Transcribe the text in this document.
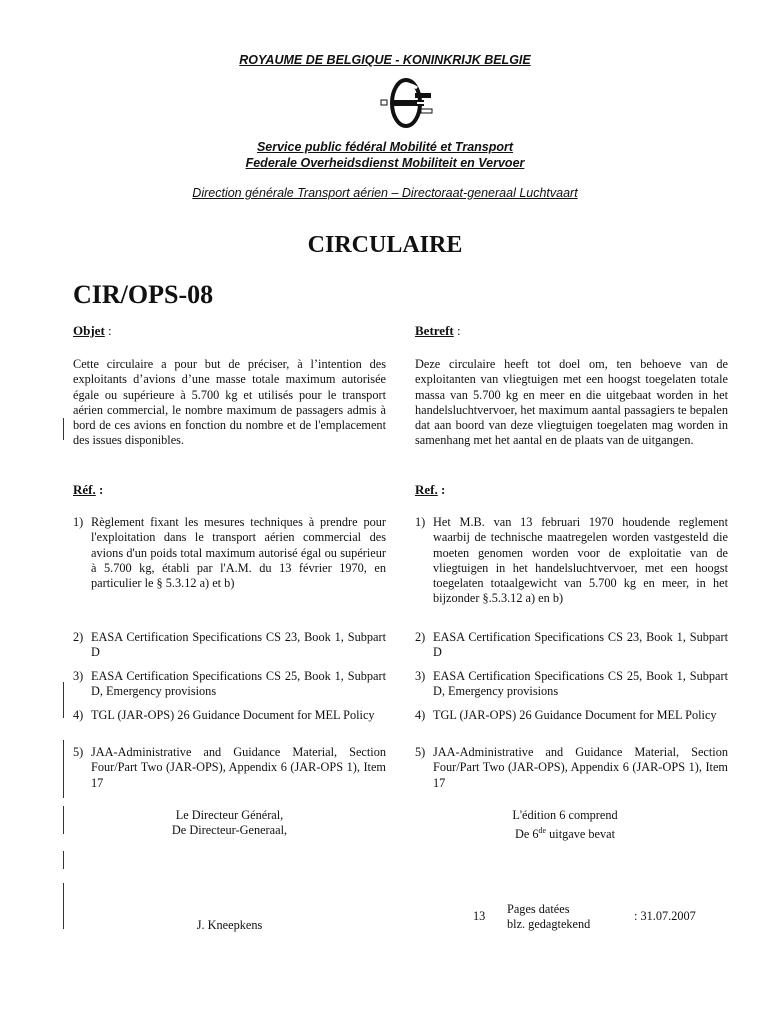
ROYAUME DE BELGIQUE - KONINKRIJK BELGIE
Service public fédéral Mobilité et Transport
Federale Overheidsdienst Mobiliteit en Vervoer
Direction générale Transport aérien – Directoraat-generaal Luchtvaart
CIRCULAIRE
CIR/OPS-08
Objet :	Betreft :
Cette circulaire a pour but de préciser, à l’intention des exploitants d’avions d’une masse totale maximum autorisée égale ou supérieure à 5.700 kg et utilisés pour le transport aérien commercial, le nombre maximum de passagers admis à bord de ces avions en fonction du nombre et de l'emplacement des issues disponibles.
Deze circulaire heeft tot doel om, ten behoeve van de exploitanten van vliegtuigen met een hoogst toegelaten totale massa van 5.700 kg en meer en die uitgebaat worden in het handelsluchtvervoer, het maximum aantal passagiers te bepalen dat aan boord van deze vliegtuigen toegelaten mag worden in samenhang met het aantal en de plaats van de uitgangen.
Réf. :	Ref. :
1) Règlement fixant les mesures techniques à prendre pour l'exploitation dans le transport aérien commercial des avions d'un poids total maximum autorisé égal ou supérieur à 5.700 kg, établi par l'A.M. du 13 février 1970, en particulier le § 5.3.12 a) et b)
2) EASA Certification Specifications CS 23, Book 1, Subpart D
3) EASA Certification Specifications CS 25, Book 1, Subpart D, Emergency provisions
4) TGL (JAR-OPS) 26 Guidance Document for MEL Policy
5) JAA-Administrative and Guidance Material, Section Four/Part Two (JAR-OPS), Appendix 6 (JAR-OPS 1), Item 17
1) Het M.B. van 13 februari 1970 houdende reglement waarbij de technische maatregelen worden vastgesteld die moeten genomen worden voor de exploitatie van de vliegtuigen in het handelsluchtvervoer, met een hoogst toegelaten totaalgewicht van 5.700 kg en meer, in het bijzonder §.5.3.12 a) en b)
2) EASA Certification Specifications CS 23, Book 1, Subpart D
3) EASA Certification Specifications CS 25, Book 1, Subpart D, Emergency provisions
4) TGL (JAR-OPS) 26 Guidance Document for MEL Policy
5) JAA-Administrative and Guidance Material, Section Four/Part Two (JAR-OPS), Appendix 6 (JAR-OPS 1), Item 17
Le Directeur Général,
De Directeur-Generaal,
J. Kneepkens
L'édition 6 comprend
De 6de uitgave bevat
13 Pages datées
blz. gedagtekend
: 31.07.2007
